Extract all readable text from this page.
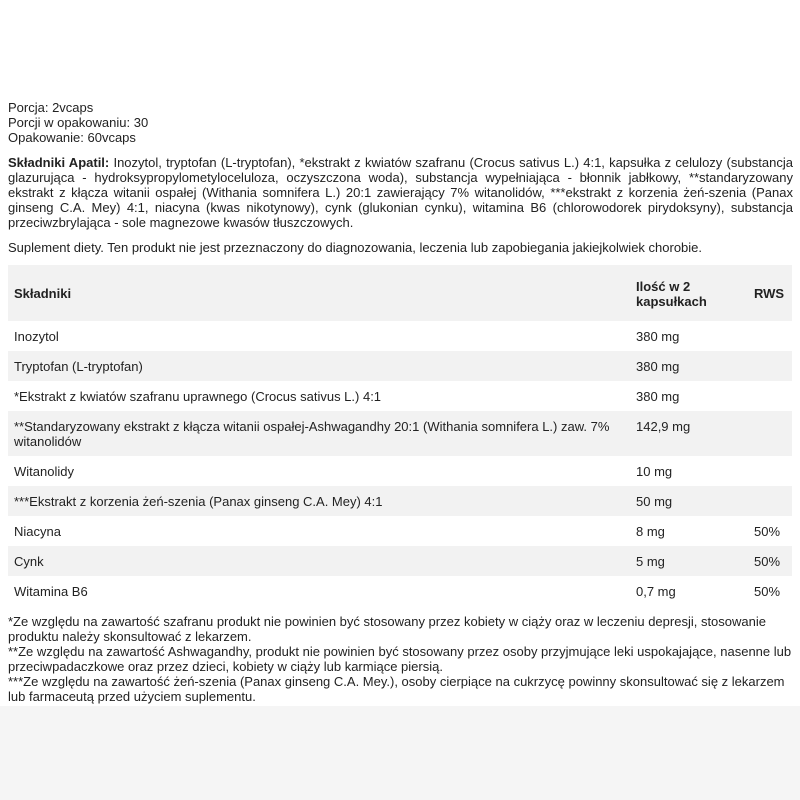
Porcja: 2vcaps

Porcji w opakowaniu: 30

Opakowanie: 60vcaps

Składniki Apatil: Inozytol, tryptofan (L-tryptofan), *ekstrakt z kwiatów szafranu (Crocus sativus L.) 4:1, kapsułka z celulozy (substancja glazurująca - hydroksypropylometyloceluloza, oczyszczona woda), substancja wypełniająca - błonnik jabłkowy, **standaryzowany ekstrakt z kłącza witanii ospałej (Withania somnifera L.) 20:1 zawierający 7% witanolidów, ***ekstrakt z korzenia żeń-szenia (Panax ginseng C.A. Mey) 4:1, niacyna (kwas nikotynowy), cynk (glukonian cynku), witamina B6 (chlorowodorek pirydoksyny), substancja przeciwzbrylająca - sole magnezowe kwasów tłuszczowych.

Suplement diety. Ten produkt nie jest przeznaczony do diagnozowania, leczenia lub zapobiegania jakiejkolwiek chorobie.

Składniki	Ilość w 2 kapsułkach	RWS
Inozytol	380 mg	
Tryptofan (L-tryptofan)	380 mg	
*Ekstrakt z kwiatów szafranu uprawnego (Crocus sativus L.) 4:1	380 mg	
**Standaryzowany ekstrakt z kłącza witanii ospałej-Ashwagandhy 20:1 (Withania somnifera L.) zaw. 7% witanolidów	142,9 mg	
Witanolidy	10 mg	
***Ekstrakt z korzenia żeń-szenia (Panax ginseng C.A. Mey) 4:1	50 mg	
Niacyna	8 mg	50%
Cynk	5 mg	50%
Witamina B6	0,7 mg	50%

*Ze względu na zawartość szafranu produkt nie powinien być stosowany przez kobiety w ciąży oraz w leczeniu depresji, stosowanie produktu należy skonsultować z lekarzem.

**Ze względu na zawartość Ashwagandhy, produkt nie powinien być stosowany przez osoby przyjmujące leki uspokajające, nasenne lub przeciwpadaczkowe oraz przez dzieci, kobiety w ciąży lub karmiące piersią.

***Ze względu na zawartość żeń-szenia (Panax ginseng C.A. Mey.), osoby cierpiące na cukrzycę powinny skonsultować się z lekarzem lub farmaceutą przed użyciem suplementu.
